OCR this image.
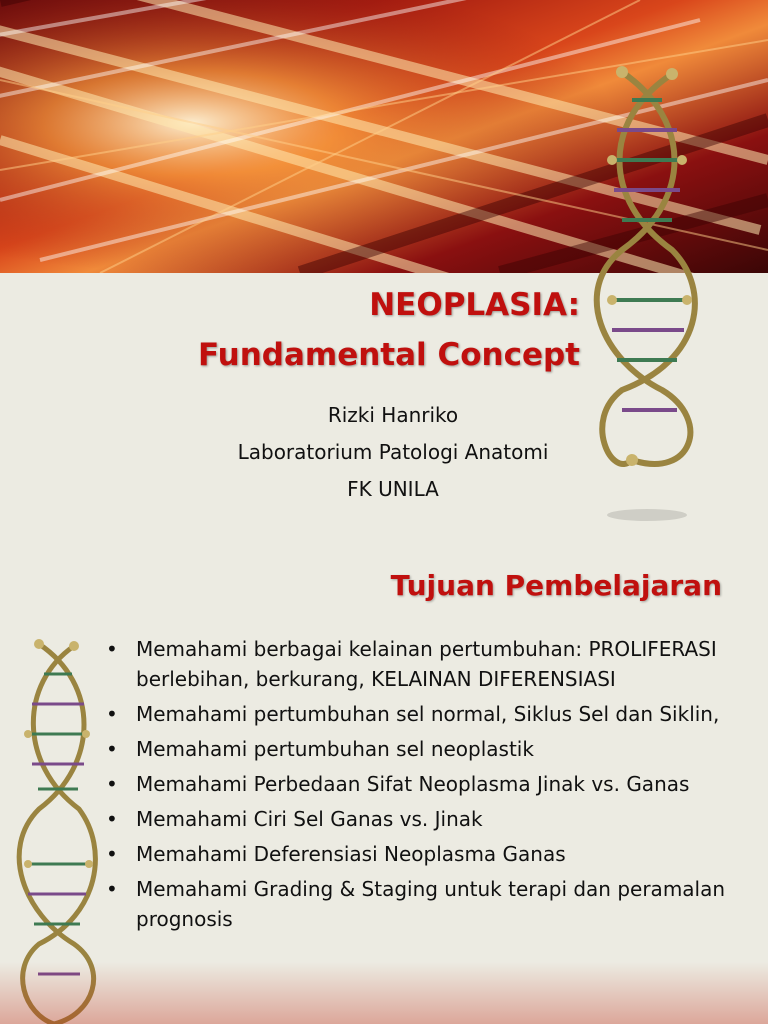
NEOPLASIA:
Fundamental Concept
Rizki Hanriko
Laboratorium Patologi Anatomi
FK UNILA
Tujuan Pembelajaran
• Memahami berbagai kelainan pertumbuhan: PROLIFERASI berlebihan, berkurang, KELAINAN DIFERENSIASI
• Memahami pertumbuhan sel normal, Siklus Sel dan Siklin,
• Memahami pertumbuhan sel neoplastik
• Memahami Perbedaan Sifat Neoplasma Jinak vs. Ganas
• Memahami Ciri Sel Ganas vs. Jinak
• Memahami Deferensiasi Neoplasma Ganas
• Memahami Grading & Staging untuk terapi dan peramalan prognosis
